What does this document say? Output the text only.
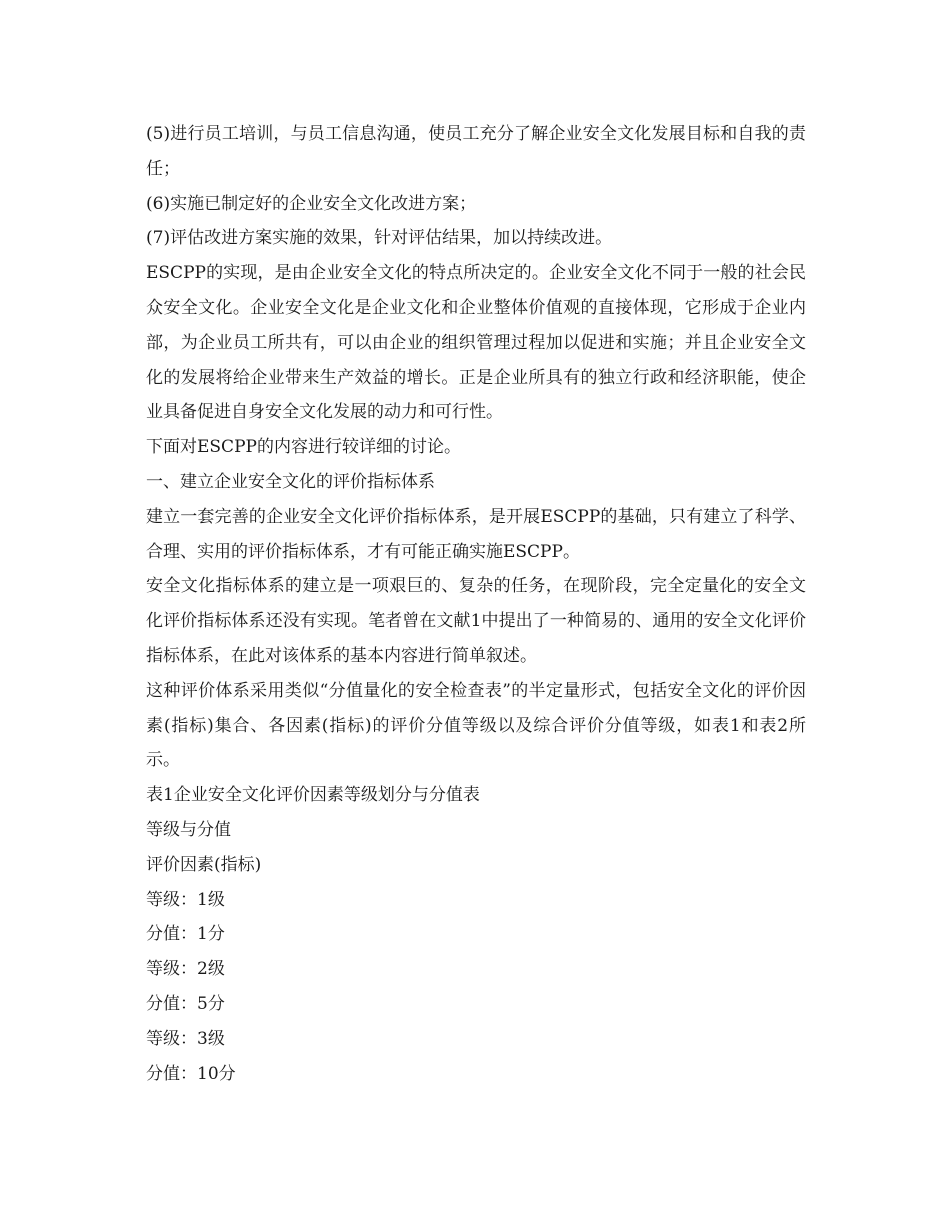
(5)进行员工培训，与员工信息沟通，使员工充分了解企业安全文化发展目标和自我的责任；

(6)实施已制定好的企业安全文化改进方案；

(7)评估改进方案实施的效果，针对评估结果，加以持续改进。

ESCPP的实现，是由企业安全文化的特点所决定的。企业安全文化不同于一般的社会民众安全文化。企业安全文化是企业文化和企业整体价值观的直接体现，它形成于企业内部，为企业员工所共有，可以由企业的组织管理过程加以促进和实施；并且企业安全文化的发展将给企业带来生产效益的增长。正是企业所具有的独立行政和经济职能，使企业具备促进自身安全文化发展的动力和可行性。

下面对ESCPP的内容进行较详细的讨论。

一、建立企业安全文化的评价指标体系

建立一套完善的企业安全文化评价指标体系，是开展ESCPP的基础，只有建立了科学、合理、实用的评价指标体系，才有可能正确实施ESCPP。

安全文化指标体系的建立是一项艰巨的、复杂的任务，在现阶段，完全定量化的安全文化评价指标体系还没有实现。笔者曾在文献1中提出了一种简易的、通用的安全文化评价指标体系，在此对该体系的基本内容进行简单叙述。

这种评价体系采用类似“分值量化的安全检查表”的半定量形式，包括安全文化的评价因素(指标)集合、各因素(指标)的评价分值等级以及综合评价分值等级，如表1和表2所示。

表1企业安全文化评价因素等级划分与分值表

等级与分值

评价因素(指标)

等级：1级

分值：1分

等级：2级

分值：5分

等级：3级

分值：10分
